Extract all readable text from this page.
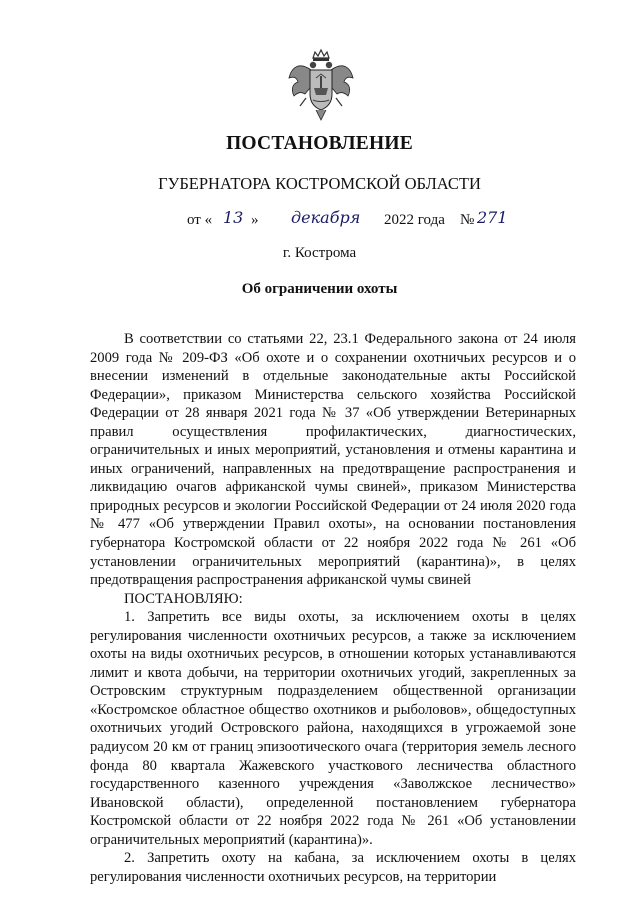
ПОСТАНОВЛЕНИЕ
ГУБЕРНАТОРА КОСТРОМСКОЙ ОБЛАСТИ
от « 13 » декабря 2022 года № 271
г. Кострома
Об ограничении охоты

В соответствии со статьями 22, 23.1 Федерального закона от 24 июля 2009 года № 209-ФЗ «Об охоте и о сохранении охотничьих ресурсов и о внесении изменений в отдельные законодательные акты Российской Федерации», приказом Министерства сельского хозяйства Российской Федерации от 28 января 2021 года № 37 «Об утверждении Ветеринарных правил осуществления профилактических, диагностических, ограничительных и иных мероприятий, установления и отмены карантина и иных ограничений, направленных на предотвращение распространения и ликвидацию очагов африканской чумы свиней», приказом Министерства природных ресурсов и экологии Российской Федерации от 24 июля 2020 года № 477 «Об утверждении Правил охоты», на основании постановления губернатора Костромской области от 22 ноября 2022 года № 261 «Об установлении ограничительных мероприятий (карантина)», в целях предотвращения распространения африканской чумы свиней

ПОСТАНОВЛЯЮ:

1. Запретить все виды охоты, за исключением охоты в целях регулирования численности охотничьих ресурсов, а также за исключением охоты на виды охотничьих ресурсов, в отношении которых устанавливаются лимит и квота добычи, на территории охотничьих угодий, закрепленных за Островским структурным подразделением общественной организации «Костромское областное общество охотников и рыболовов», общедоступных охотничьих угодий Островского района, находящихся в угрожаемой зоне радиусом 20 км от границ эпизоотического очага (территория земель лесного фонда 80 квартала Жажевского участкового лесничества областного государственного казенного учреждения «Заволжское лесничество» Ивановской области), определенной постановлением губернатора Костромской области от 22 ноября 2022 года № 261 «Об установлении ограничительных мероприятий (карантина)».

2. Запретить охоту на кабана, за исключением охоты в целях регулирования численности охотничьих ресурсов, на территории
